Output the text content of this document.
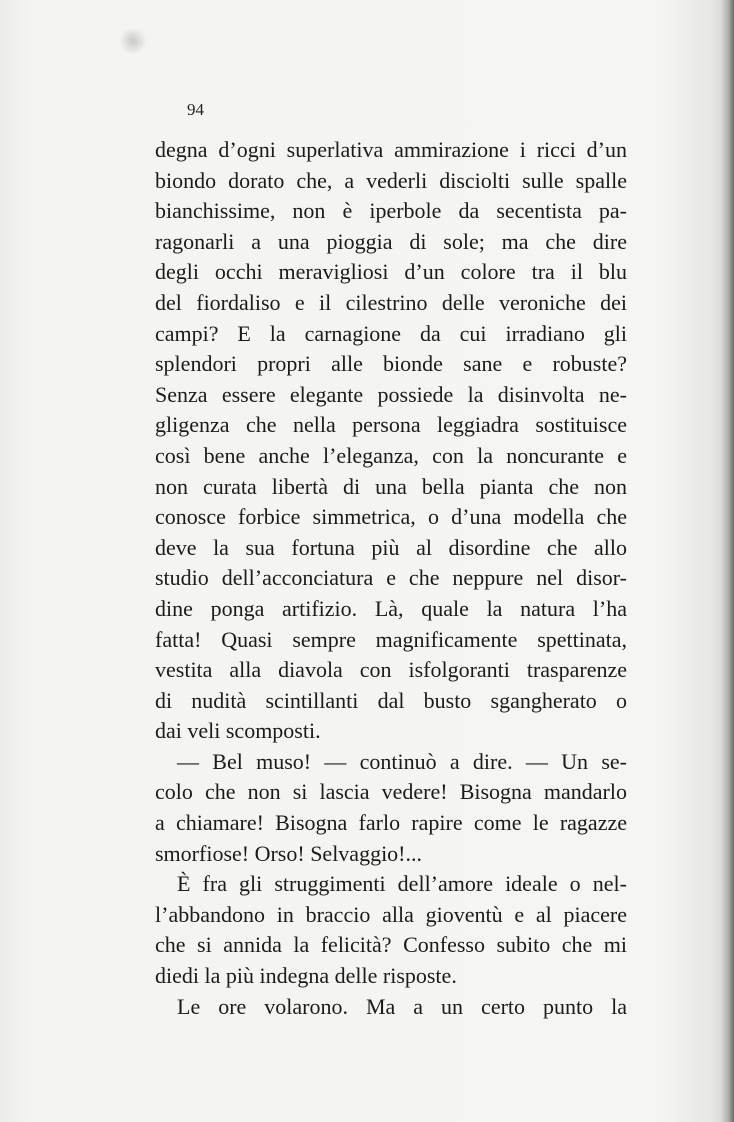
94
degna d’ogni superlativa ammirazione i ricci d’un
biondo dorato che, a vederli disciolti sulle spalle
bianchissime, non è iperbole da secentista pa-
ragonarli a una pioggia di sole; ma che dire
degli occhi meravigliosi d’un colore tra il blu
del fiordaliso e il cilestrino delle veroniche dei
campi? E la carnagione da cui irradiano gli
splendori propri alle bionde sane e robuste?
Senza essere elegante possiede la disinvolta ne-
gligenza che nella persona leggiadra sostituisce
così bene anche l’eleganza, con la noncurante e
non curata libertà di una bella pianta che non
conosce forbice simmetrica, o d’una modella che
deve la sua fortuna più al disordine che allo
studio dell’acconciatura e che neppure nel disor-
dine ponga artifizio. Là, quale la natura l’ha
fatta! Quasi sempre magnificamente spettinata,
vestita alla diavola con isfolgoranti trasparenze
di nudità scintillanti dal busto sgangherato o
dai veli scomposti.
— Bel muso! — continuò a dire. — Un se-
colo che non si lascia vedere! Bisogna mandarlo
a chiamare! Bisogna farlo rapire come le ragazze
smorfiose! Orso! Selvaggio!...
È fra gli struggimenti dell’amore ideale o nel-
l’abbandono in braccio alla gioventù e al piacere
che si annida la felicità? Confesso subito che mi
diedi la più indegna delle risposte.
Le ore volarono. Ma a un certo punto la
